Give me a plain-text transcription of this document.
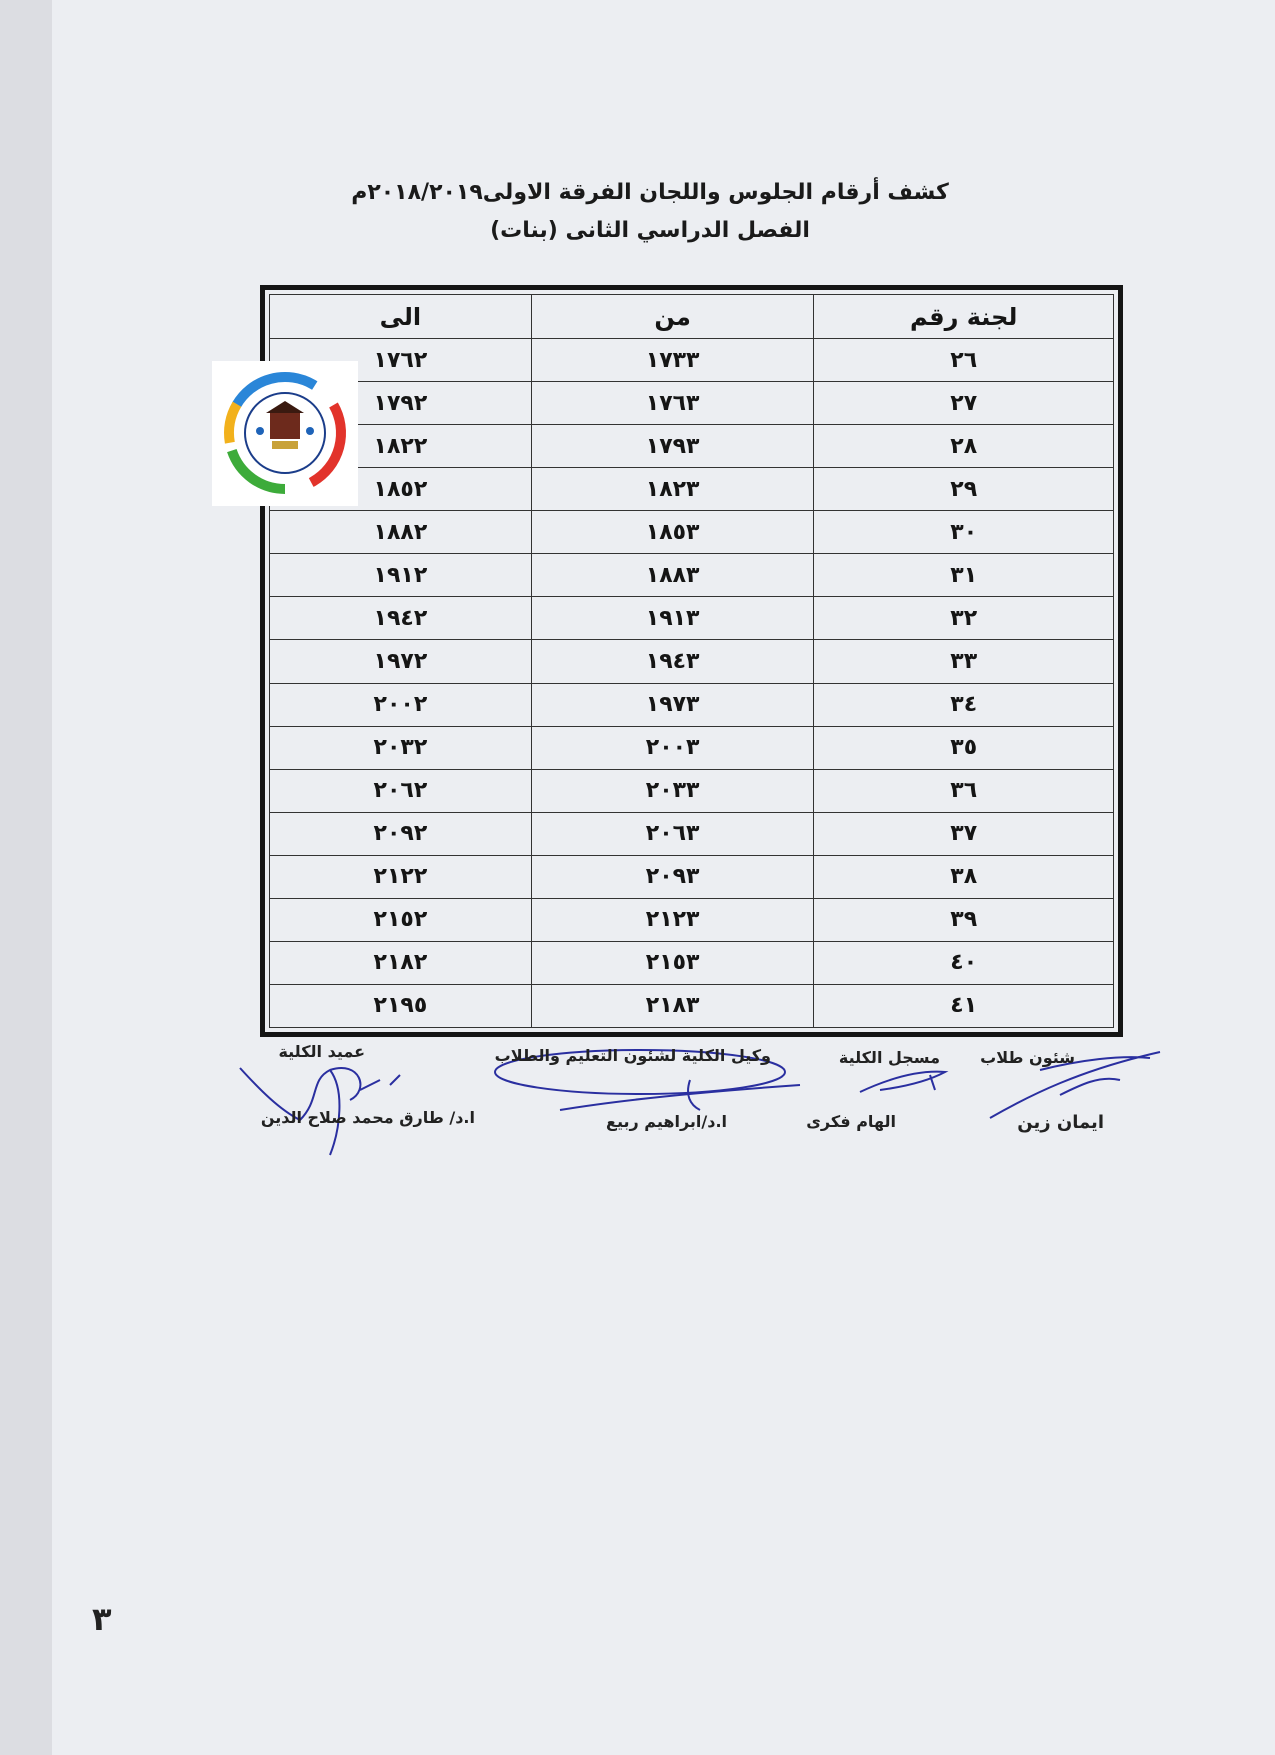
كشف أرقام الجلوس واللجان الفرقة الاولى٢٠١٨/٢٠١٩م
الفصل الدراسي الثانى (بنات)
لجنة رقم	من	الى
٢٦	١٧٣٣	١٧٦٢
٢٧	١٧٦٣	١٧٩٢
٢٨	١٧٩٣	١٨٢٢
٢٩	١٨٢٣	١٨٥٢
٣٠	١٨٥٣	١٨٨٢
٣١	١٨٨٣	١٩١٢
٣٢	١٩١٣	١٩٤٢
٣٣	١٩٤٣	١٩٧٢
٣٤	١٩٧٣	٢٠٠٢
٣٥	٢٠٠٣	٢٠٣٢
٣٦	٢٠٣٣	٢٠٦٢
٣٧	٢٠٦٣	٢٠٩٢
٣٨	٢٠٩٣	٢١٢٢
٣٩	٢١٢٣	٢١٥٢
٤٠	٢١٥٣	٢١٨٢
٤١	٢١٨٣	٢١٩٥
شئون طلاب
ايمان زين
مسجل الكلية
الهام فكرى
وكيل الكلية لشئون التعليم والطلاب
ا.د/ابراهيم ربيع
عميد الكلية
ا.د/ طارق محمد صلاح الدين
٣
